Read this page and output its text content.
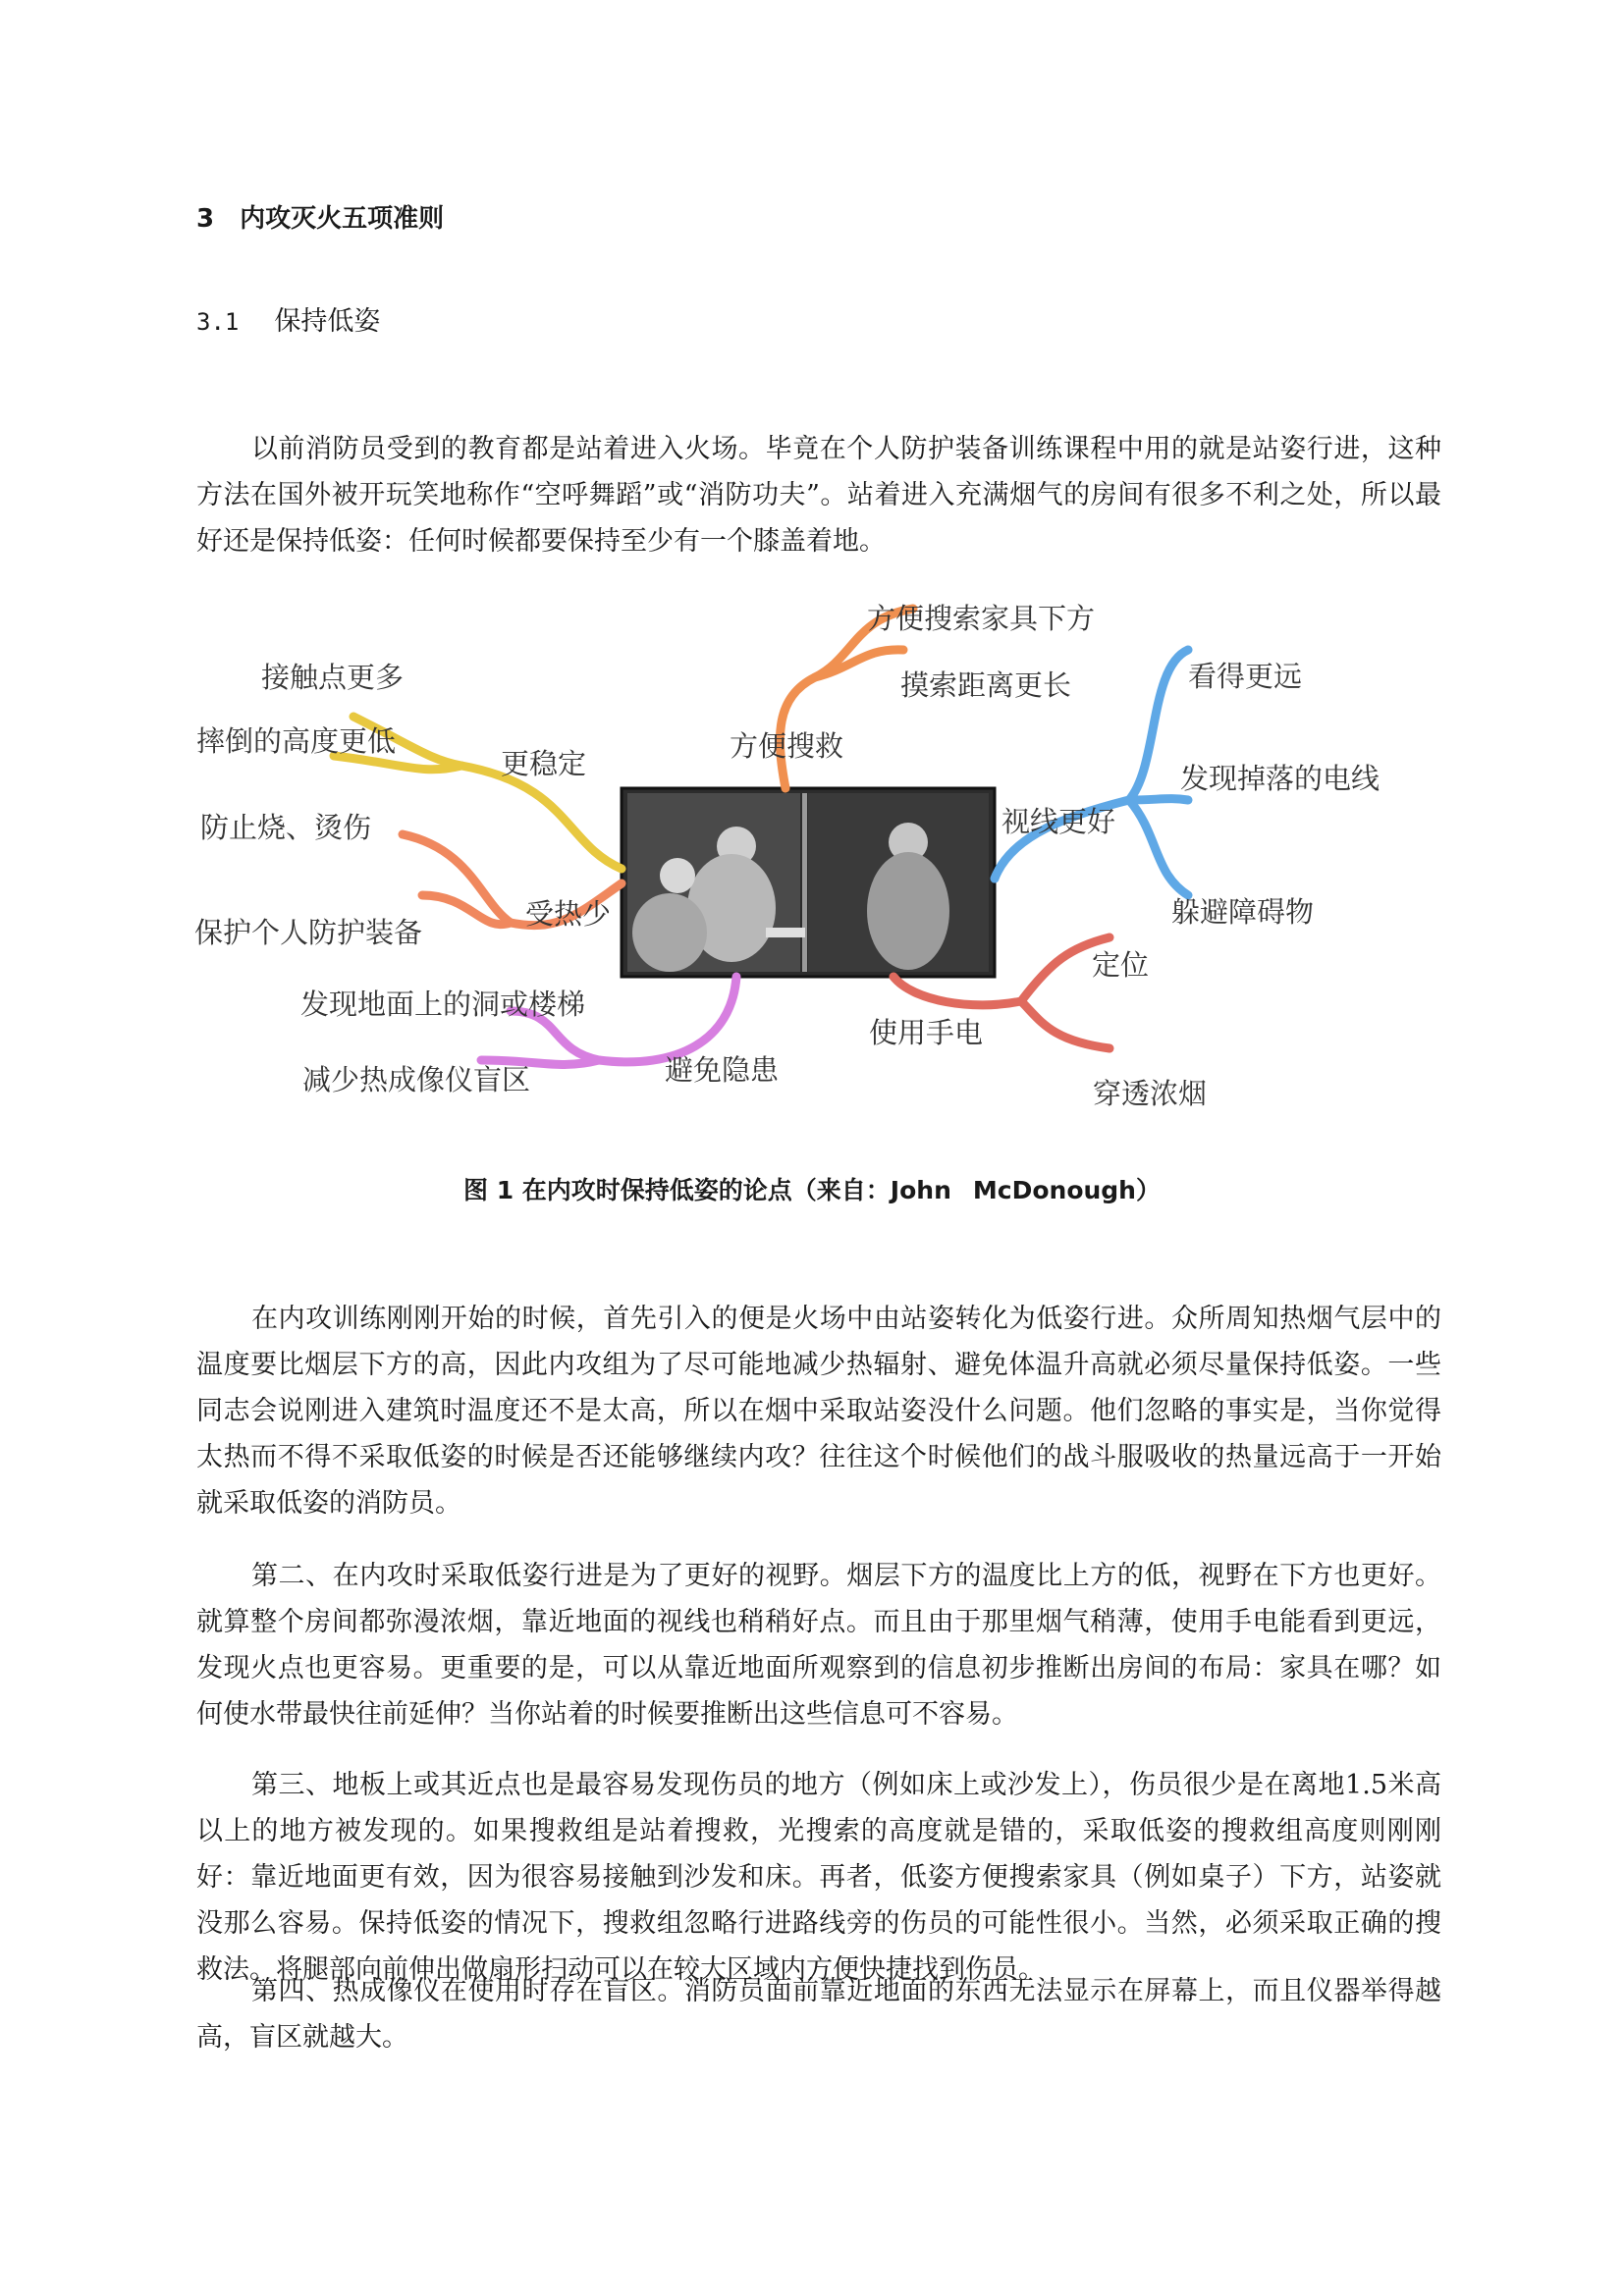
3 内攻灭火五项准则
3.1 保持低姿

以前消防员受到的教育都是站着进入火场。毕竟在个人防护装备训练课程中用的就是站姿行进，这种方法在国外被开玩笑地称作“空呼舞蹈”或“消防功夫”。站着进入充满烟气的房间有很多不利之处，所以最好还是保持低姿：任何时候都要保持至少有一个膝盖着地。

更稳定
接触点更多
摔倒的高度更低
受热少
防止烧、烫伤
保护个人防护装备
避免隐患
发现地面上的洞或楼梯
减少热成像仪盲区
方便搜救
方便搜索家具下方
摸索距离更长
视线更好
看得更远
发现掉落的电线
躲避障碍物
使用手电
定位
穿透浓烟
图 1 在内攻时保持低姿的论点（来自：John McDonough）

在内攻训练刚刚开始的时候，首先引入的便是火场中由站姿转化为低姿行进。众所周知热烟气层中的温度要比烟层下方的高，因此内攻组为了尽可能地减少热辐射、避免体温升高就必须尽量保持低姿。一些同志会说刚进入建筑时温度还不是太高，所以在烟中采取站姿没什么问题。他们忽略的事实是，当你觉得太热而不得不采取低姿的时候是否还能够继续内攻？往往这个时候他们的战斗服吸收的热量远高于一开始就采取低姿的消防员。

第二、在内攻时采取低姿行进是为了更好的视野。烟层下方的温度比上方的低，视野在下方也更好。就算整个房间都弥漫浓烟，靠近地面的视线也稍稍好点。而且由于那里烟气稍薄，使用手电能看到更远，发现火点也更容易。更重要的是，可以从靠近地面所观察到的信息初步推断出房间的布局：家具在哪？如何使水带最快往前延伸？当你站着的时候要推断出这些信息可不容易。

第三、地板上或其近点也是最容易发现伤员的地方（例如床上或沙发上），伤员很少是在离地1.5米高以上的地方被发现的。如果搜救组是站着搜救，光搜索的高度就是错的，采取低姿的搜救组高度则刚刚好：靠近地面更有效，因为很容易接触到沙发和床。再者，低姿方便搜索家具（例如桌子）下方，站姿就没那么容易。保持低姿的情况下，搜救组忽略行进路线旁的伤员的可能性很小。当然，必须采取正确的搜救法。将腿部向前伸出做扇形扫动可以在较大区域内方便快捷找到伤员。

第四、热成像仪在使用时存在盲区。消防员面前靠近地面的东西无法显示在屏幕上，而且仪器举得越高，盲区就越大。
